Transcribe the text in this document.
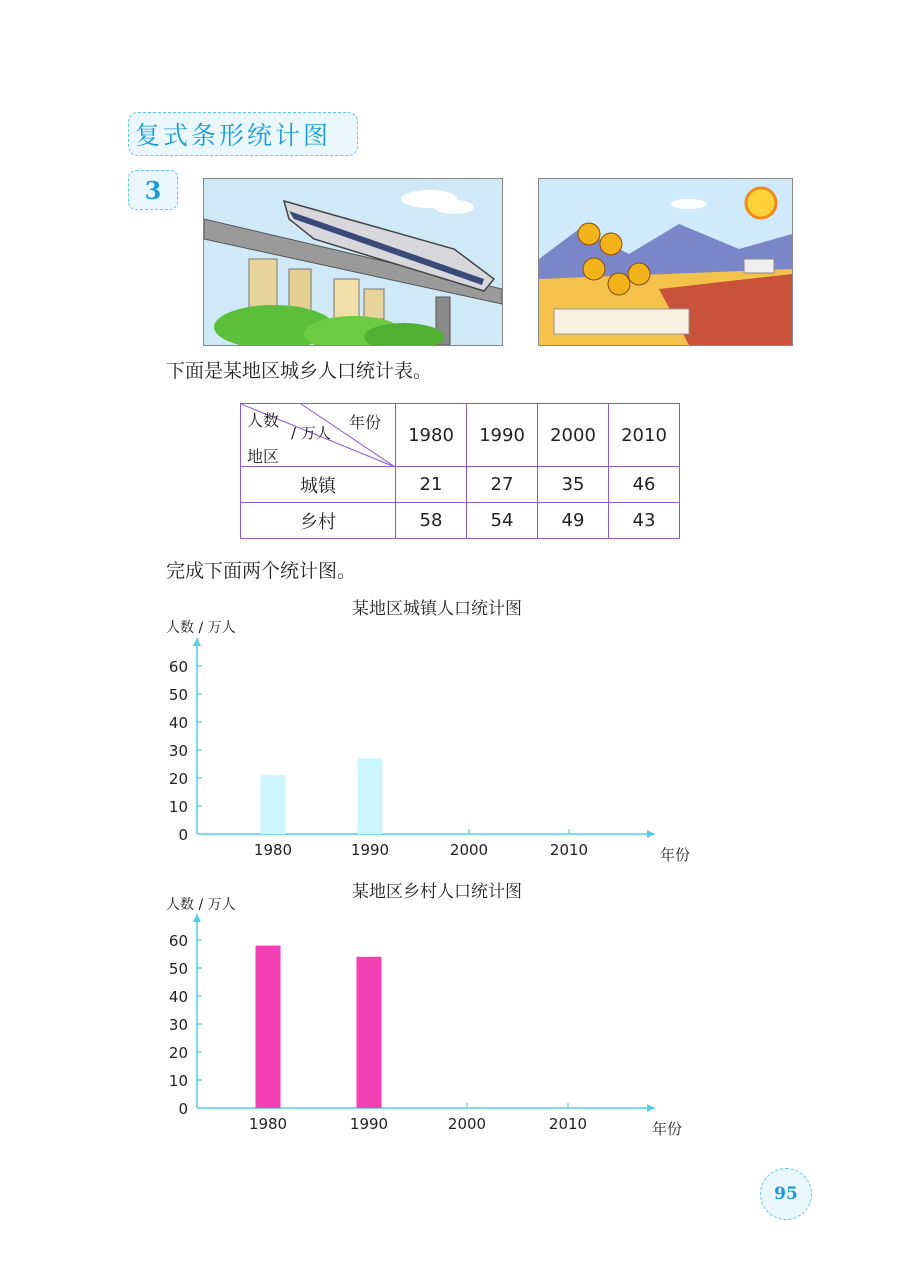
复式条形统计图
3
下面是某地区城乡人口统计表。
人数
/ 万人
年份
地区	1980	1990	2000	2010
城镇	21	27	35	46
乡村	58	54	49	43
完成下面两个统计图。
某地区城镇人口统计图
人数 / 万人
0
10
20
30
40
50
60
1980	1990	2000	2010	年份
某地区乡村人口统计图
人数 / 万人
0
10
20
30
40
50
60
1980	1990	2000	2010	年份
95
